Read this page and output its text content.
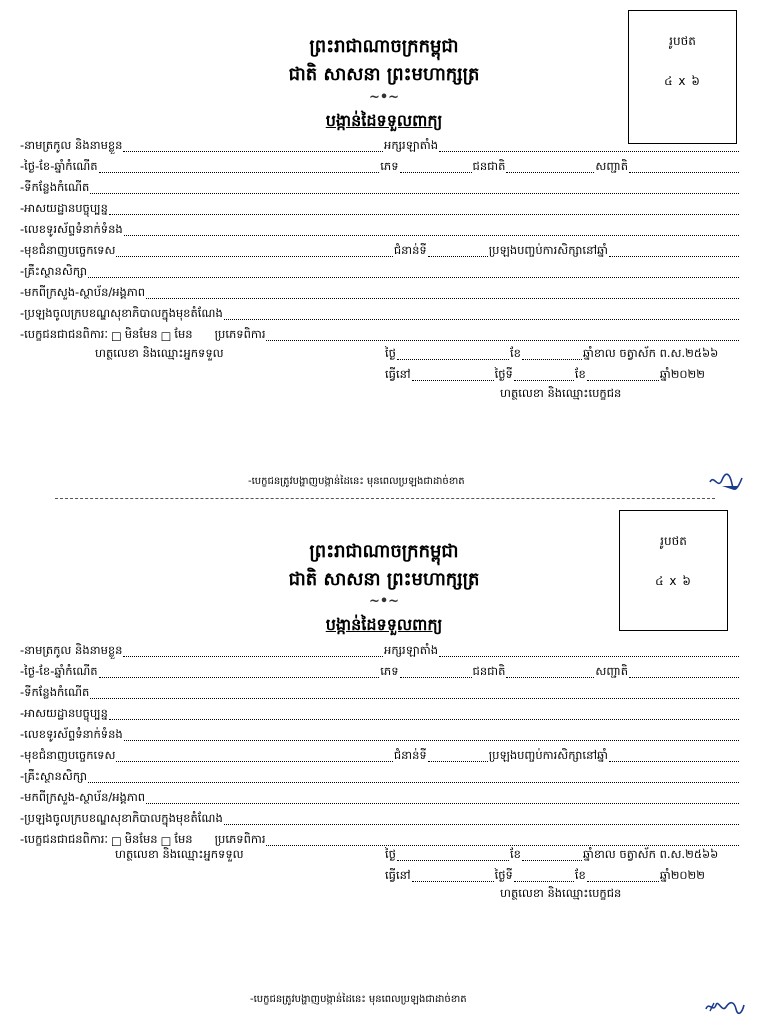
រូបថត
៤ x ៦
ព្រះរាជាណាចក្រកម្ពុជា
ជាតិ សាសនា ព្រះមហាក្សត្រ
~•~
បង្កាន់ដៃទទួលពាក្យ
-នាមត្រកូល និងនាមខ្លួន	អក្សរឡាតាំង
-ថ្ងៃ-ខែ-ឆ្នាំកំណើត	ភេទ	ជនជាតិ	សញ្ជាតិ
-ទីកន្លែងកំណើត
-អាសយដ្ឋានបច្ចុប្បន្ន
-លេខទូរស័ព្ទទំនាក់ទំនង
-មុខជំនាញបច្ចេកទេស	ជំនាន់ទី	ប្រឡងបញ្ចប់ការសិក្សានៅឆ្នាំ
-គ្រឹះស្ថានសិក្សា
-មកពីក្រសួង-ស្ថាប័ន/អង្គភាព
-ប្រឡងចូលក្របខណ្ឌសុខាភិបាលក្នុងមុខតំណែង
-បេក្ខជនជាជនពិការៈ ☐ មិនមែន ☐ មែន ប្រភេទពិការ
ហត្ថលេខា និងឈ្មោះអ្នកទទួល	ថ្ងៃ	ខែ	ឆ្នាំខាល ចត្វាស័ក ព.ស.២៥៦៦
ធ្វើនៅ	ថ្ងៃទី	ខែ	ឆ្នាំ២០២២
ហត្ថលេខា និងឈ្មោះបេក្ខជន
-បេក្ខជនត្រូវបង្ហាញបង្កាន់ដៃនេះ មុនពេលប្រឡងជាដាច់ខាត
រូបថត
៤ x ៦
ព្រះរាជាណាចក្រកម្ពុជា
ជាតិ សាសនា ព្រះមហាក្សត្រ
~•~
បង្កាន់ដៃទទួលពាក្យ
-នាមត្រកូល និងនាមខ្លួន	អក្សរឡាតាំង
-ថ្ងៃ-ខែ-ឆ្នាំកំណើត	ភេទ	ជនជាតិ	សញ្ជាតិ
-ទីកន្លែងកំណើត
-អាសយដ្ឋានបច្ចុប្បន្ន
-លេខទូរស័ព្ទទំនាក់ទំនង
-មុខជំនាញបច្ចេកទេស	ជំនាន់ទី	ប្រឡងបញ្ចប់ការសិក្សានៅឆ្នាំ
-គ្រឹះស្ថានសិក្សា
-មកពីក្រសួង-ស្ថាប័ន/អង្គភាព
-ប្រឡងចូលក្របខណ្ឌសុខាភិបាលក្នុងមុខតំណែង
-បេក្ខជនជាជនពិការៈ ☐ មិនមែន ☐ មែន ប្រភេទពិការ
ហត្ថលេខា និងឈ្មោះអ្នកទទួល	ថ្ងៃ	ខែ	ឆ្នាំខាល ចត្វាស័ក ព.ស.២៥៦៦
ធ្វើនៅ	ថ្ងៃទី	ខែ	ឆ្នាំ២០២២
ហត្ថលេខា និងឈ្មោះបេក្ខជន
-បេក្ខជនត្រូវបង្ហាញបង្កាន់ដៃនេះ មុនពេលប្រឡងជាដាច់ខាត
